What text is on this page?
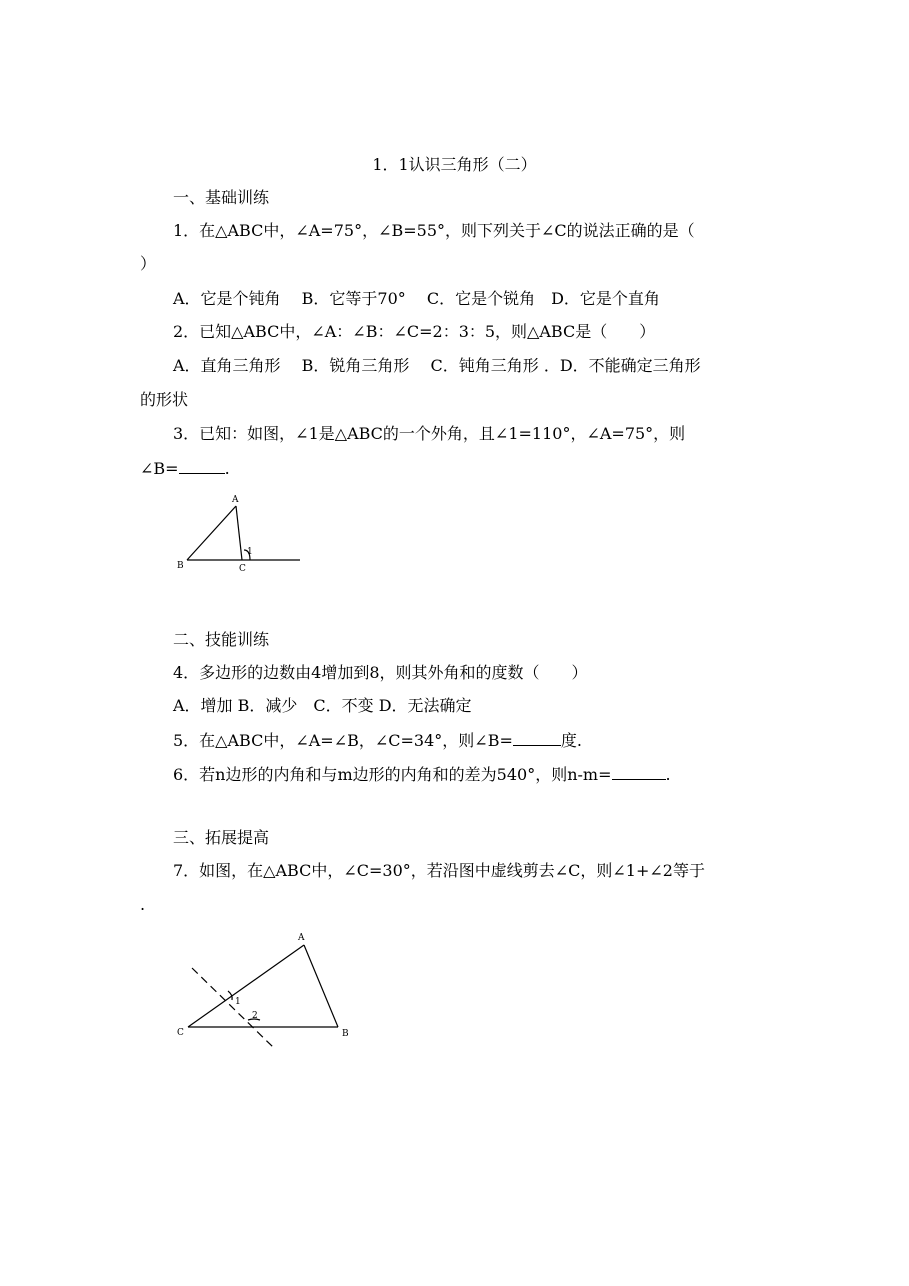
1．1认识三角形（二）
一、基础训练
1．在△ABC中，∠A=75°，∠B=55°，则下列关于∠C的说法正确的是（
）
A．它是个钝角　 B．它等于70°　 C．它是个锐角　D．它是个直角
2．已知△ABC中，∠A：∠B：∠C=2：3：5，则△ABC是（　　）
A．直角三角形　 B．锐角三角形　 C．钝角三角形 ．D．不能确定三角形
的形状
3．已知：如图，∠1是△ABC的一个外角，且∠1=110°，∠A=75°，则
∠B=	.
A
B	C
1
二、技能训练
4．多边形的边数由4增加到8，则其外角和的度数（　　）
A．增加 B．减少　C．不变 D．无法确定
5．在△ABC中，∠A=∠B，∠C=34°，则∠B=	度.
6．若n边形的内角和与m边形的内角和的差为540°，则n-m=	.
三、拓展提高
7．如图，在△ABC中，∠C=30°，若沿图中虚线剪去∠C，则∠1+∠2等于
.
A
C	B
1
2
